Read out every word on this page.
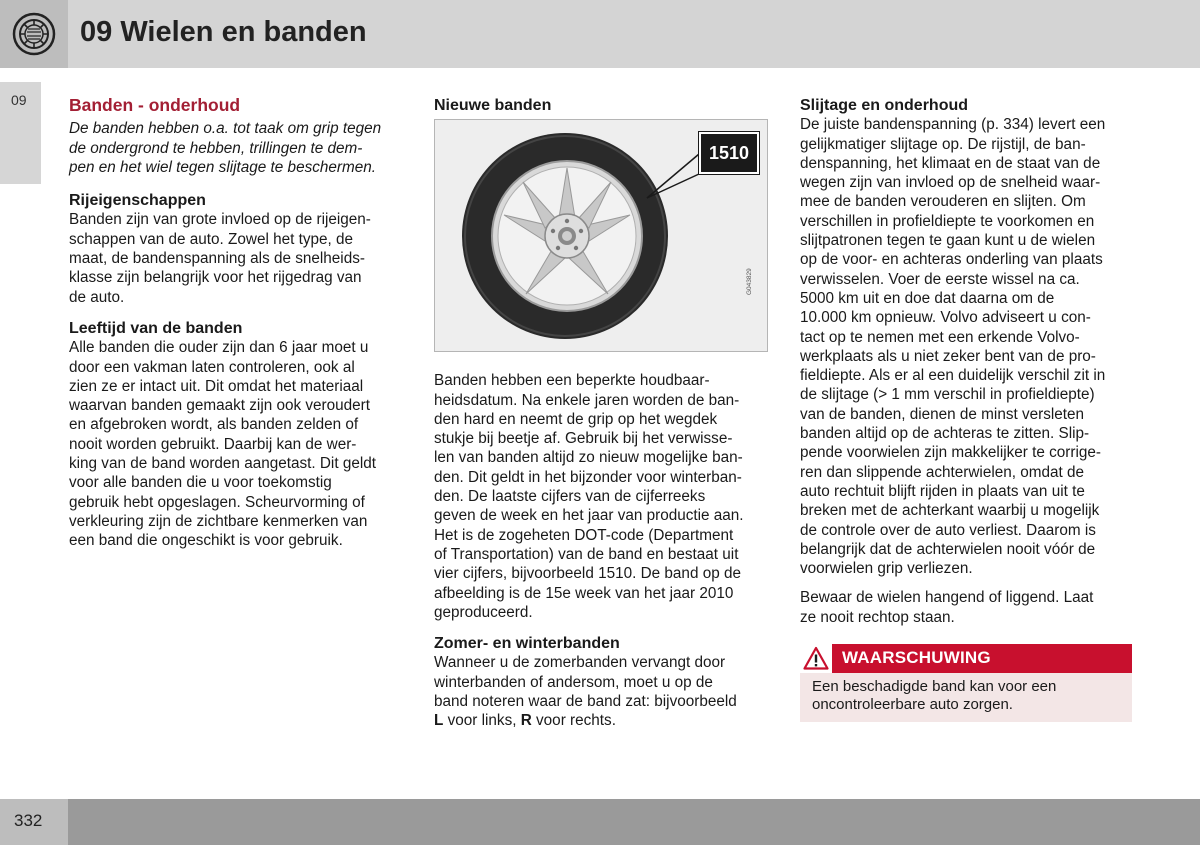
09 Wielen en banden
09 Banden - onderhoud
De banden hebben o.a. tot taak om grip tegen
de ondergrond te hebben, trillingen te dem-
pen en het wiel tegen slijtage te beschermen.
Rijeigenschappen
Banden zijn van grote invloed op de rijeigen-
schappen van de auto. Zowel het type, de
maat, de bandenspanning als de snelheids-
klasse zijn belangrijk voor het rijgedrag van
de auto.
Leeftijd van de banden
Alle banden die ouder zijn dan 6 jaar moet u
door een vakman laten controleren, ook al
zien ze er intact uit. Dit omdat het materiaal
waarvan banden gemaakt zijn ook veroudert
en afgebroken wordt, als banden zelden of
nooit worden gebruikt. Daarbij kan de wer-
king van de band worden aangetast. Dit geldt
voor alle banden die u voor toekomstig
gebruik hebt opgeslagen. Scheurvorming of
verkleuring zijn de zichtbare kenmerken van
een band die ongeschikt is voor gebruik.
Nieuwe banden
1510
G043829
Banden hebben een beperkte houdbaar-
heidsdatum. Na enkele jaren worden de ban-
den hard en neemt de grip op het wegdek
stukje bij beetje af. Gebruik bij het verwisse-
len van banden altijd zo nieuw mogelijke ban-
den. Dit geldt in het bijzonder voor winterban-
den. De laatste cijfers van de cijferreeks
geven de week en het jaar van productie aan.
Het is de zogeheten DOT-code (Department
of Transportation) van de band en bestaat uit
vier cijfers, bijvoorbeeld 1510. De band op de
afbeelding is de 15e week van het jaar 2010
geproduceerd.
Zomer- en winterbanden
Wanneer u de zomerbanden vervangt door
winterbanden of andersom, moet u op de
band noteren waar de band zat: bijvoorbeeld
L voor links, R voor rechts.
Slijtage en onderhoud
De juiste bandenspanning (p. 334) levert een
gelijkmatiger slijtage op. De rijstijl, de ban-
denspanning, het klimaat en de staat van de
wegen zijn van invloed op de snelheid waar-
mee de banden verouderen en slijten. Om
verschillen in profieldiepte te voorkomen en
slijtpatronen tegen te gaan kunt u de wielen
op de voor- en achteras onderling van plaats
verwisselen. Voer de eerste wissel na ca.
5000 km uit en doe dat daarna om de
10.000 km opnieuw. Volvo adviseert u con-
tact op te nemen met een erkende Volvo-
werkplaats als u niet zeker bent van de pro-
fieldiepte. Als er al een duidelijk verschil zit in
de slijtage (> 1 mm verschil in profieldiepte)
van de banden, dienen de minst versleten
banden altijd op de achteras te zitten. Slip-
pende voorwielen zijn makkelijker te corrige-
ren dan slippende achterwielen, omdat de
auto rechtuit blijft rijden in plaats van uit te
breken met de achterkant waarbij u mogelijk
de controle over de auto verliest. Daarom is
belangrijk dat de achterwielen nooit vóór de
voorwielen grip verliezen.
Bewaar de wielen hangend of liggend. Laat
ze nooit rechtop staan.
WAARSCHUWING
Een beschadigde band kan voor een
oncontroleerbare auto zorgen.
332
